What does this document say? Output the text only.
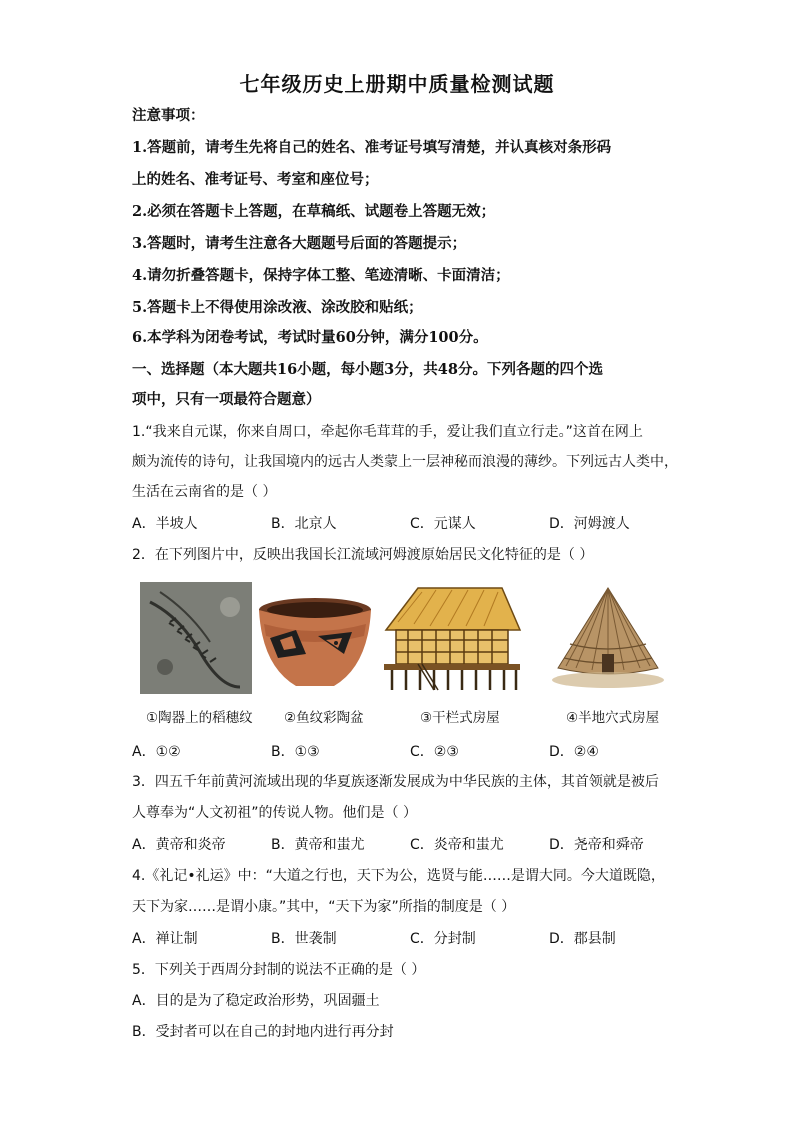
七年级历史上册期中质量检测试题
注意事项：
1.答题前，请考生先将自己的姓名、准考证号填写清楚，并认真核对条形码
上的姓名、准考证号、考室和座位号；
2.必须在答题卡上答题，在草稿纸、试题卷上答题无效；
3.答题时，请考生注意各大题题号后面的答题提示；
4.请勿折叠答题卡，保持字体工整、笔迹清晰、卡面清洁；
5.答题卡上不得使用涂改液、涂改胶和贴纸；
6.本学科为闭卷考试，考试时量60分钟，满分100分。
一、选择题（本大题共16小题，每小题3分，共48分。下列各题的四个选
项中，只有一项最符合题意）
1.“我来自元谋，你来自周口，牵起你毛茸茸的手，爱让我们直立行走。”这首在网上
颇为流传的诗句，让我国境内的远古人类蒙上一层神秘而浪漫的薄纱。下列远古人类中，
生活在云南省的是（ ）
A．半坡人	B．北京人	C．元谋人	D．河姆渡人
2．在下列图片中，反映出我国长江流域河姆渡原始居民文化特征的是（ ）
①陶器上的稻穗纹 ②鱼纹彩陶盆	③干栏式房屋	④半地穴式房屋
A．①②	B．①③	C．②③	D．②④
3．四五千年前黄河流域出现的华夏族逐渐发展成为中华民族的主体，其首领就是被后
人尊奉为“人文初祖”的传说人物。他们是（ ）
A．黄帝和炎帝	B．黄帝和蚩尤	C．炎帝和蚩尤	D．尧帝和舜帝
4.《礼记•礼运》中：“大道之行也，天下为公，选贤与能……是谓大同。今大道既隐，
天下为家……是谓小康。”其中，“天下为家”所指的制度是（ ）
A．禅让制	B．世袭制	C．分封制	D．郡县制
5．下列关于西周分封制的说法不正确的是（ ）
A．目的是为了稳定政治形势，巩固疆土
B．受封者可以在自己的封地内进行再分封
